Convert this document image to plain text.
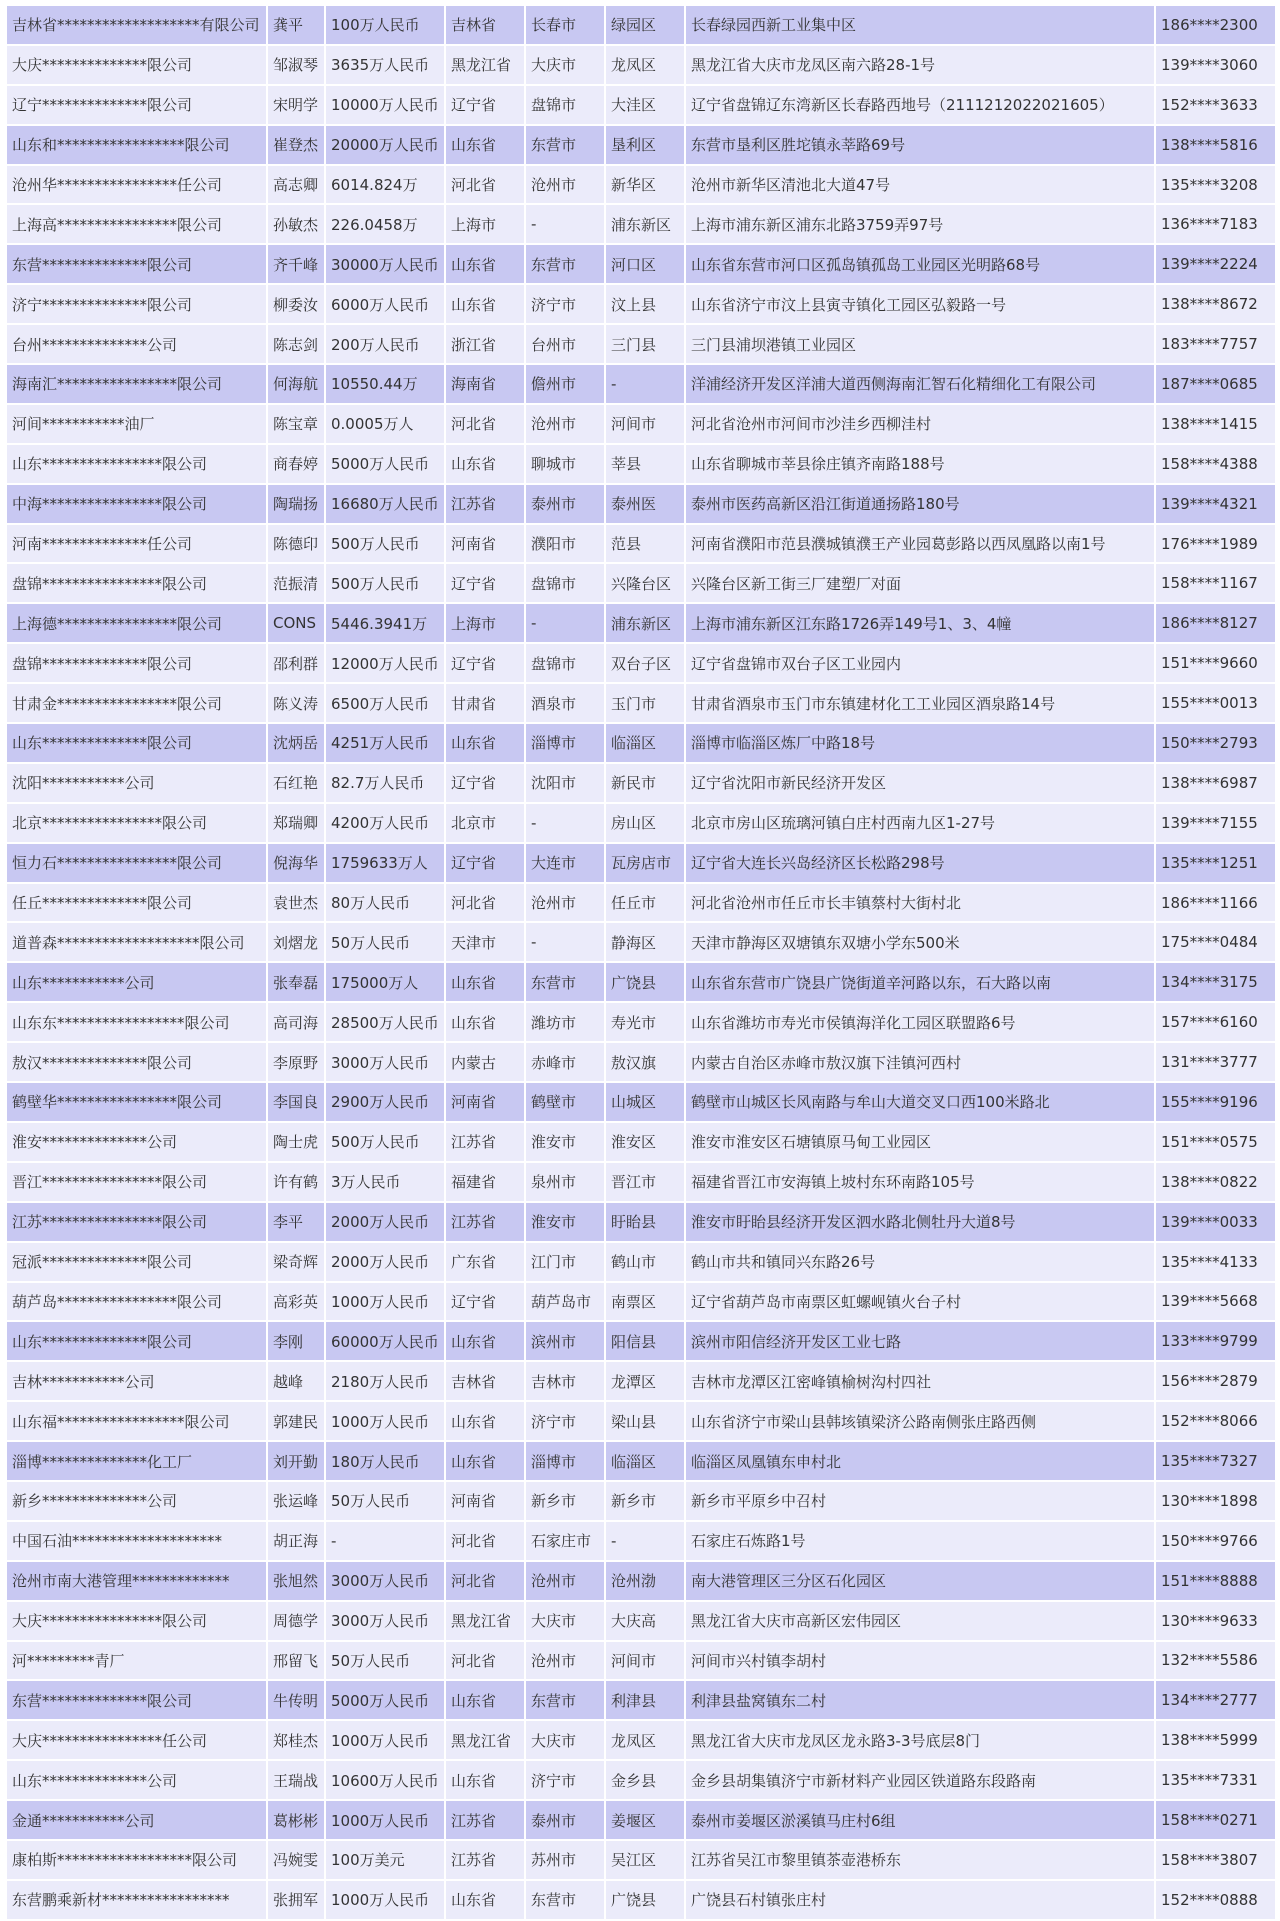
吉林省*******************有限公司	龚平	100万人民币	吉林省	长春市	绿园区	长春绿园西新工业集中区	186****2300
大庆**************限公司	邹淑琴	3635万人民币	黑龙江省	大庆市	龙凤区	黑龙江省大庆市龙凤区南六路28-1号	139****3060
辽宁**************限公司	宋明学	10000万人民币	辽宁省	盘锦市	大洼区	辽宁省盘锦辽东湾新区长春路西地号（2111212022021605）	152****3633
山东和*****************限公司	崔登杰	20000万人民币	山东省	东营市	垦利区	东营市垦利区胜坨镇永莘路69号	138****5816
沧州华****************任公司	高志卿	6014.824万	河北省	沧州市	新华区	沧州市新华区清池北大道47号	135****3208
上海高****************限公司	孙敏杰	226.0458万	上海市	-	浦东新区	上海市浦东新区浦东北路3759弄97号	136****7183
东营**************限公司	齐千峰	30000万人民币	山东省	东营市	河口区	山东省东营市河口区孤岛镇孤岛工业园区光明路68号	139****2224
济宁**************限公司	柳委汝	6000万人民币	山东省	济宁市	汶上县	山东省济宁市汶上县寅寺镇化工园区弘毅路一号	138****8672
台州**************公司	陈志剑	200万人民币	浙江省	台州市	三门县	三门县浦坝港镇工业园区	183****7757
海南汇****************限公司	何海航	10550.44万	海南省	儋州市	-	洋浦经济开发区洋浦大道西侧海南汇智石化精细化工有限公司	187****0685
河间***********油厂	陈宝章	0.0005万人	河北省	沧州市	河间市	河北省沧州市河间市沙洼乡西柳洼村	138****1415
山东****************限公司	商春婷	5000万人民币	山东省	聊城市	莘县	山东省聊城市莘县徐庄镇齐南路188号	158****4388
中海****************限公司	陶瑞扬	16680万人民币	江苏省	泰州市	泰州医	泰州市医药高新区沿江街道通扬路180号	139****4321
河南**************任公司	陈德印	500万人民币	河南省	濮阳市	范县	河南省濮阳市范县濮城镇濮王产业园葛彭路以西凤凰路以南1号	176****1989
盘锦****************限公司	范振清	500万人民币	辽宁省	盘锦市	兴隆台区	兴隆台区新工街三厂建塑厂对面	158****1167
上海德****************限公司	CONS	5446.3941万	上海市	-	浦东新区	上海市浦东新区江东路1726弄149号1、3、4幢	186****8127
盘锦**************限公司	邵利群	12000万人民币	辽宁省	盘锦市	双台子区	辽宁省盘锦市双台子区工业园内	151****9660
甘肃金****************限公司	陈义涛	6500万人民币	甘肃省	酒泉市	玉门市	甘肃省酒泉市玉门市东镇建材化工工业园区酒泉路14号	155****0013
山东**************限公司	沈炳岳	4251万人民币	山东省	淄博市	临淄区	淄博市临淄区炼厂中路18号	150****2793
沈阳***********公司	石红艳	82.7万人民币	辽宁省	沈阳市	新民市	辽宁省沈阳市新民经济开发区	138****6987
北京****************限公司	郑瑞卿	4200万人民币	北京市	-	房山区	北京市房山区琉璃河镇白庄村西南九区1-27号	139****7155
恒力石****************限公司	倪海华	1759633万人	辽宁省	大连市	瓦房店市	辽宁省大连长兴岛经济区长松路298号	135****1251
任丘**************限公司	袁世杰	80万人民币	河北省	沧州市	任丘市	河北省沧州市任丘市长丰镇蔡村大街村北	186****1166
道普森*******************限公司	刘熠龙	50万人民币	天津市	-	静海区	天津市静海区双塘镇东双塘小学东500米	175****0484
山东***********公司	张奉磊	175000万人	山东省	东营市	广饶县	山东省东营市广饶县广饶街道辛河路以东，石大路以南	134****3175
山东东*****************限公司	高司海	28500万人民币	山东省	潍坊市	寿光市	山东省潍坊市寿光市侯镇海洋化工园区联盟路6号	157****6160
敖汉**************限公司	李原野	3000万人民币	内蒙古	赤峰市	敖汉旗	内蒙古自治区赤峰市敖汉旗下洼镇河西村	131****3777
鹤壁华****************限公司	李国良	2900万人民币	河南省	鹤壁市	山城区	鹤壁市山城区长风南路与牟山大道交叉口西100米路北	155****9196
淮安**************公司	陶士虎	500万人民币	江苏省	淮安市	淮安区	淮安市淮安区石塘镇原马甸工业园区	151****0575
晋江****************限公司	许有鹤	3万人民币	福建省	泉州市	晋江市	福建省晋江市安海镇上坡村东环南路105号	138****0822
江苏****************限公司	李平	2000万人民币	江苏省	淮安市	盱眙县	淮安市盱眙县经济开发区泗水路北侧牡丹大道8号	139****0033
冠派**************限公司	梁奇辉	2000万人民币	广东省	江门市	鹤山市	鹤山市共和镇同兴东路26号	135****4133
葫芦岛****************限公司	高彩英	1000万人民币	辽宁省	葫芦岛市	南票区	辽宁省葫芦岛市南票区虹螺岘镇火台子村	139****5668
山东**************限公司	李刚	60000万人民币	山东省	滨州市	阳信县	滨州市阳信经济开发区工业七路	133****9799
吉林***********公司	越峰	2180万人民币	吉林省	吉林市	龙潭区	吉林市龙潭区江密峰镇榆树沟村四社	156****2879
山东福*****************限公司	郭建民	1000万人民币	山东省	济宁市	梁山县	山东省济宁市梁山县韩垓镇梁济公路南侧张庄路西侧	152****8066
淄博**************化工厂	刘开勤	180万人民币	山东省	淄博市	临淄区	临淄区凤凰镇东申村北	135****7327
新乡**************公司	张运峰	50万人民币	河南省	新乡市	新乡市	新乡市平原乡中召村	130****1898
中国石油********************	胡正海	-	河北省	石家庄市	-	石家庄石炼路1号	150****9766
沧州市南大港管理*************	张旭然	3000万人民币	河北省	沧州市	沧州渤	南大港管理区三分区石化园区	151****8888
大庆****************限公司	周德学	3000万人民币	黑龙江省	大庆市	大庆高	黑龙江省大庆市高新区宏伟园区	130****9633
河*********青厂	邢留飞	50万人民币	河北省	沧州市	河间市	河间市兴村镇李胡村	132****5586
东营**************限公司	牛传明	5000万人民币	山东省	东营市	利津县	利津县盐窝镇东二村	134****2777
大庆****************任公司	郑桂杰	1000万人民币	黑龙江省	大庆市	龙凤区	黑龙江省大庆市龙凤区龙永路3-3号底层8门	138****5999
山东**************公司	王瑞战	10600万人民币	山东省	济宁市	金乡县	金乡县胡集镇济宁市新材料产业园区铁道路东段路南	135****7331
金通***********公司	葛彬彬	1000万人民币	江苏省	泰州市	姜堰区	泰州市姜堰区淤溪镇马庄村6组	158****0271
康柏斯******************限公司	冯婉雯	100万美元	江苏省	苏州市	吴江区	江苏省吴江市黎里镇茶壶港桥东	158****3807
东营鹏乘新材*****************	张拥军	1000万人民币	山东省	东营市	广饶县	广饶县石村镇张庄村	152****0888
